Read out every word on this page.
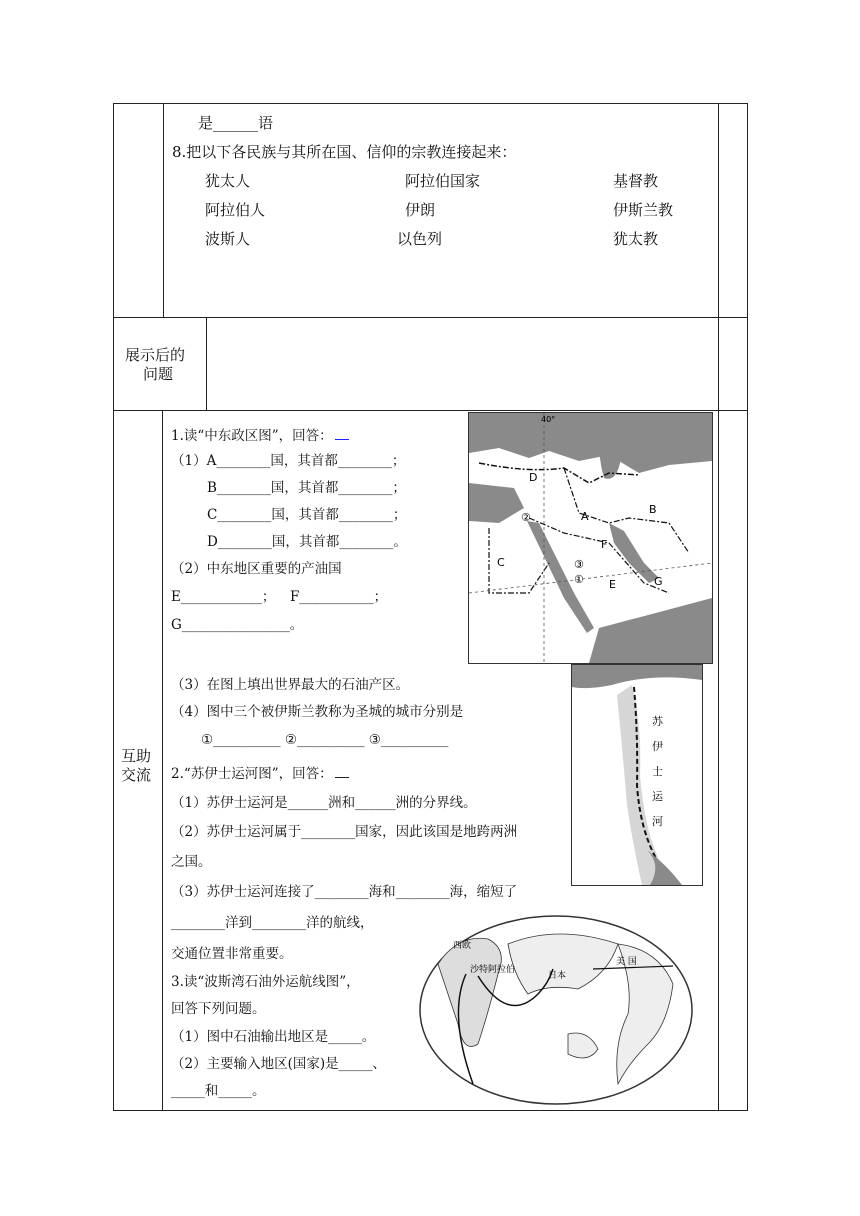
是______语
8.把以下各民族与其所在国、信仰的宗教连接起来：
犹太人
阿拉伯人
波斯人
阿拉伯国家
伊朗
以色列
基督教
伊斯兰教
犹太教
展示后的
问题
互助
交流
1.读“中东政区图”，回答：
（1）A________国，其首都________；
B________国，其首都________；
C________国，其首都________；
D________国，其首都________。
（2）中东地区重要的产油国
E____________； F___________；
G________________。
（3）在图上填出世界最大的石油产区。
（4）图中三个被伊斯兰教称为圣城的城市分别是
①__________ ②__________ ③__________
2.“苏伊士运河图”，回答：
（1）苏伊士运河是______洲和______洲的分界线。
（2）苏伊士运河属于________国家，因此该国是地跨两洲
之国。
（3）苏伊士运河连接了________海和________海，缩短了
________洋到________洋的航线，
交通位置非常重要。
3.读“波斯湾石油外运航线图”，
回答下列问题。
（1）图中石油输出地区是_____。
（2）主要输入地区(国家)是_____、
_____和_____。
40°
D
A
B
C
E
F
G
②
③
①
苏
伊
士
运
河
西欧
沙特阿拉伯
日本
美 国
